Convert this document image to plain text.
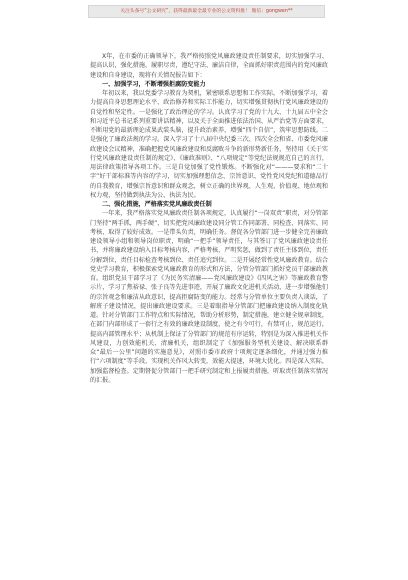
关注头条号“公文研究”，获得最新最全最专业的公文资料推！ 微信：gongwen**

X年，在市委的正确领导下，我严格按照党风廉政建设责任制要求，切实加强学习、提高认识，强化措施、履职尽责，遵纪守法、廉洁自律，全面抓好职责范围内的党风廉政建设和自身建设，现将有关情况报告如下：

一、加强学习，不断增强拒腐防变能力

年初以来，我以党委学习教育为契机，紧密联系思想和工作实际，不断加强学习，着力提高自身思想理论水平、政治修养和实际工作能力，切实增强贯彻执行党风廉政建设的自觉性和坚定性。一是强化了政治理论的学习。认真学习了党的十九大、十九届五中全会和习近平总书记系列重要讲话精神，以及关于全面推进依法治国、从严治党等方面要求，不断用党的最新理论成果武装头脑，提升政治素养，增强“四个自信”，筑牢思想防线。二是强化了廉政法规的学习。深入学习了十八届中央纪委三次、四次全会和省、市委党风廉政建设会议精神，准确把握党风廉政建设和反腐败斗争的新形势新任务，坚持用《关于实行党风廉政建设责任制的规定》、《廉政准则》、“八项规定”等党纪法规规范自己的言行，用法律政策指导各项工作。三是自觉加强了党性锻炼。不断强化对“———要求和“二十字”好干部标准等内容的学习，切实加强理想信念、宗旨意识、党性党风党纪和道德品行的自我教育，增强宗旨意识和群众观念，树立正确的世界观、人生观、价值观、地位观和权力观，坚持做到执法为公、执法为民。

二、强化措施，严格落实党风廉政责任制

一年来，我严格落实党风廉政责任制各项规定，认真履行“一岗双责”职责，对分管部门坚持“两手抓，两手硬”，切实把党风廉政建设同分管工作同部署、同检查、同落实、同考核，取得了较好成效。一是带头负责，明确任务。督促各分管部门进一步健全完善廉政建设领导小组和领导岗位职责，明确“一把手”领导责任，与其签订了党风廉政建设责任书，并将廉政建设纳入目标考核内容，严格考核，严明奖惩，做到了责任主体到位，责任分解到位，责任目标检查考核到位、责任追究到位。二是开展经常性党风廉政教育。结合党史学习教育，积极探索党风廉政教育的形式和方法，分管分管部门抓好党员干部廉政教育。组织党员干部学习了《为民务实清廉——党风廉政建设》《四风之害》等廉政教育警示片，学习了焦裕禄、张子良等先进事迹，开展了廉政文化进机关活动，进一步增强他们的宗旨观念和廉洁从政意识，提高拒腐防变的能力。经常与分管单位主要负责人谈话，了解班子建设情况，提出廉政建设要求。三是着眼指导分管部门把廉政建设纳入制度化轨道。针对分管部门工作特点和实际情况，帮助分析形势，制定措施，建立健全规章制度，在部门内部形成了一套行之有效的廉政建设制度，使之有令可行，有禁可止，规范运行，提高内部管理水平；从机制上保证了分管部门的规范有序运转，特别是为深入推进机关作风建设，力创效能机关、清廉机关，组织制定了《加强服务型机关建设、解决联系群众“最后一公里”问题的实施意见》，对照市委市政府十项规定逐条细化，并通过强力推行“六项制度”等手段，实现机关作风大转变，效能大提速，环境大优化。四是深入实际，加强监督检查。定期督促分管部门一把手研究制定和上报履责措施，听取责任制落实情况的汇报。
